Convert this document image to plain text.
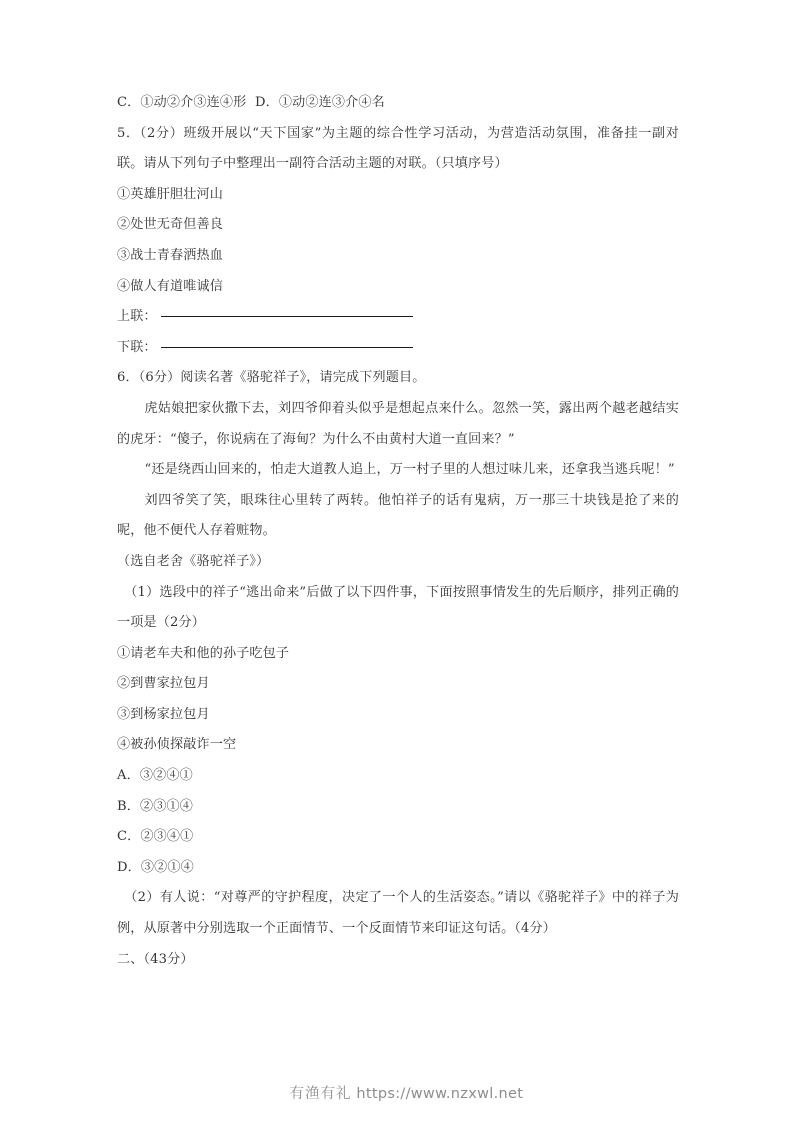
C．①动②介③连④形  D．①动②连③介④名
5．（2分）班级开展以“天下国家”为主题的综合性学习活动，为营造活动氛围，准备挂一副对联。请从下列句子中整理出一副符合活动主题的对联。（只填序号）
①英雄肝胆壮河山
②处世无奇但善良
③战士青春洒热血
④做人有道唯诚信
上联：
下联：
6．（6分）阅读名著《骆驼祥子》，请完成下列题目。
虎姑娘把家伙撒下去，刘四爷仰着头似乎是想起点来什么。忽然一笑，露出两个越老越结实的虎牙：“傻子，你说病在了海甸？为什么不由黄村大道一直回来？”
“还是绕西山回来的，怕走大道教人追上，万一村子里的人想过味儿来，还拿我当逃兵呢！”
刘四爷笑了笑，眼珠往心里转了两转。他怕祥子的话有鬼病，万一那三十块钱是抢了来的呢，他不便代人存着赃物。
（选自老舍《骆驼祥子》）
（1）选段中的祥子“逃出命来”后做了以下四件事，下面按照事情发生的先后顺序，排列正确的一项是（2分）
①请老车夫和他的孙子吃包子
②到曹家拉包月
③到杨家拉包月
④被孙侦探敲诈一空
A．③②④①
B．②③①④
C．②③④①
D．③②①④
（2）有人说：“对尊严的守护程度，决定了一个人的生活姿态。”请以《骆驼祥子》中的祥子为例，从原著中分别选取一个正面情节、一个反面情节来印证这句话。（4分）
二、（43分）

有渔有礼 https://www.nzxwl.net
